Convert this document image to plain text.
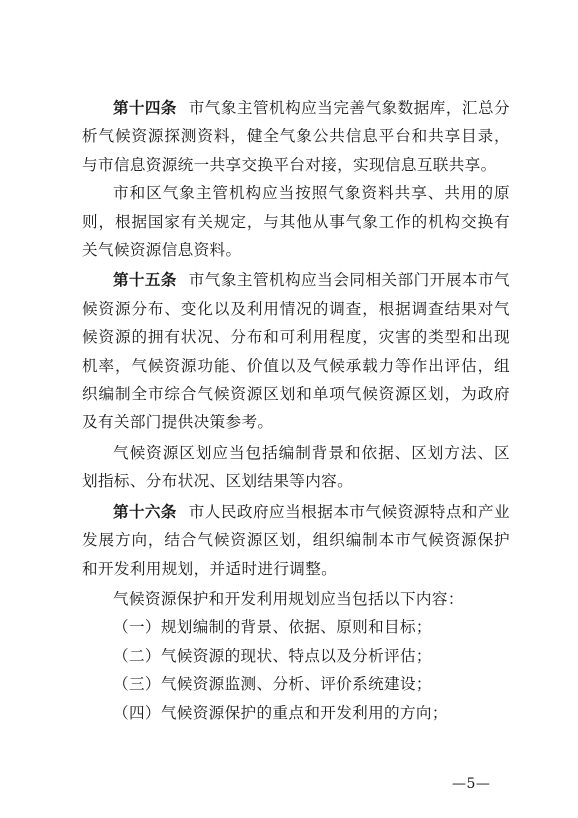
第十四条 市气象主管机构应当完善气象数据库，汇总分析气候资源探测资料，健全气象公共信息平台和共享目录，与市信息资源统一共享交换平台对接，实现信息互联共享。

市和区气象主管机构应当按照气象资料共享、共用的原则，根据国家有关规定，与其他从事气象工作的机构交换有关气候资源信息资料。

第十五条 市气象主管机构应当会同相关部门开展本市气候资源分布、变化以及利用情况的调查，根据调查结果对气候资源的拥有状况、分布和可利用程度，灾害的类型和出现机率，气候资源功能、价值以及气候承载力等作出评估，组织编制全市综合气候资源区划和单项气候资源区划，为政府及有关部门提供决策参考。

气候资源区划应当包括编制背景和依据、区划方法、区划指标、分布状况、区划结果等内容。

第十六条 市人民政府应当根据本市气候资源特点和产业发展方向，结合气候资源区划，组织编制本市气候资源保护和开发利用规划，并适时进行调整。

气候资源保护和开发利用规划应当包括以下内容：

（一）规划编制的背景、依据、原则和目标；

（二）气候资源的现状、特点以及分析评估；

（三）气候资源监测、分析、评价系统建设；

（四）气候资源保护的重点和开发利用的方向；

—5—
